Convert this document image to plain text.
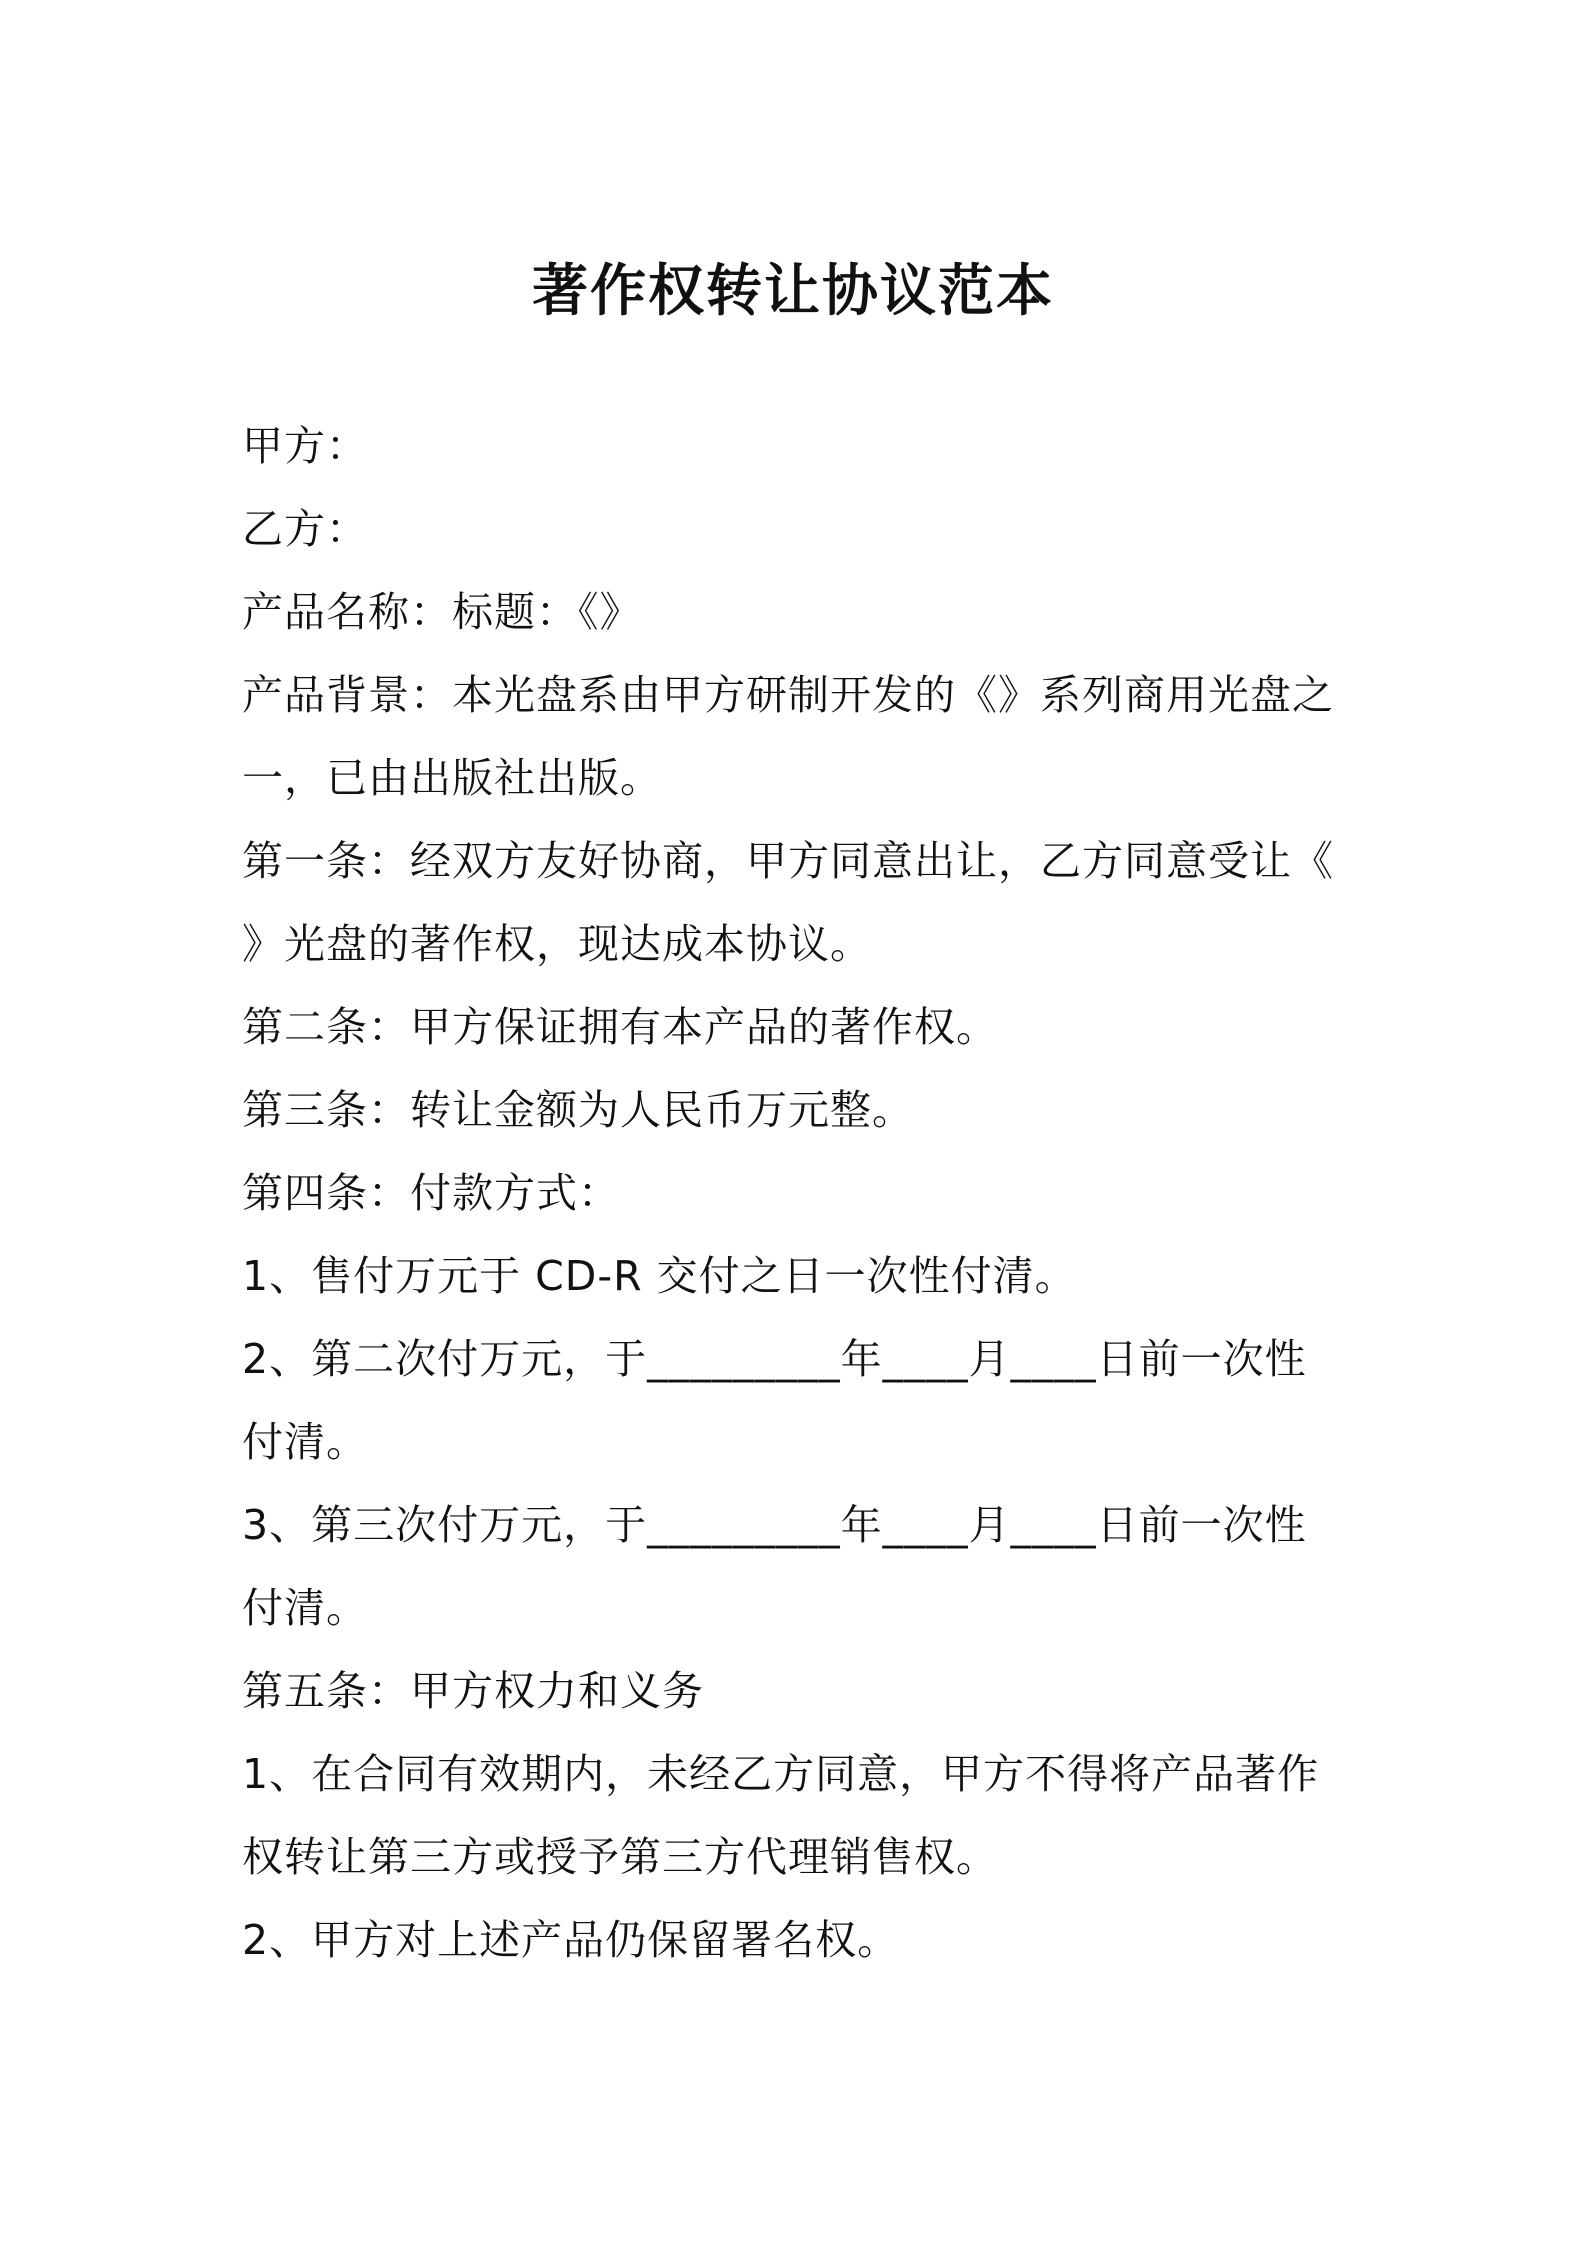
著作权转让协议范本
甲方：
乙方：
产品名称：标题：《》
产品背景：本光盘系由甲方研制开发的《》系列商用光盘之
一，已由出版社出版。
第一条：经双方友好协商，甲方同意出让，乙方同意受让《
》光盘的著作权，现达成本协议。
第二条：甲方保证拥有本产品的著作权。
第三条：转让金额为人民币万元整。
第四条：付款方式：
1、售付万元于 CD-R 交付之日一次性付清。
2、第二次付万元，于_________年____月____日前一次性
付清。
3、第三次付万元，于_________年____月____日前一次性
付清。
第五条：甲方权力和义务
1、在合同有效期内，未经乙方同意，甲方不得将产品著作
权转让第三方或授予第三方代理销售权。
2、甲方对上述产品仍保留署名权。
